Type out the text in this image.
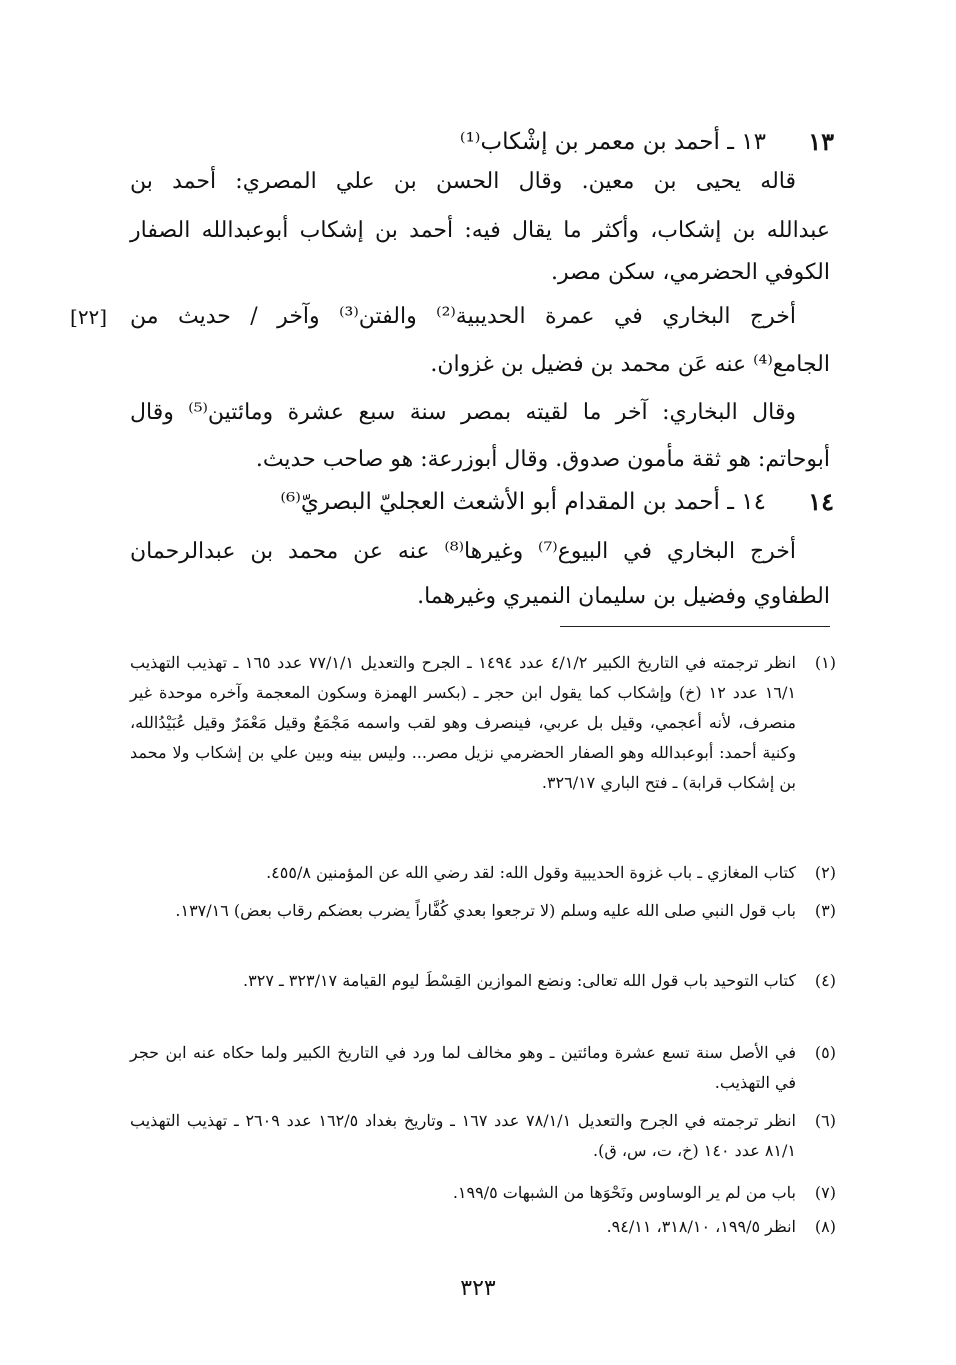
١٣
١٣ ـ أحمد بن معمر بن إشْكاب⁽¹⁾
قاله يحيى بن معين. وقال الحسن بن علي المصري: أحمد بن
عبدالله بن إشكاب، وأكثر ما يقال فيه: أحمد بن إشكاب أبوعبدالله الصفار
الكوفي الحضرمي، سكن مصر.
أخرج البخاري في عمرة الحديبية⁽²⁾ والفتن⁽³⁾ وآخر / حديث من
[٢٢]
الجامع⁽⁴⁾ عنه عَن محمد بن فضيل بن غزوان.
وقال البخاري: آخر ما لقيته بمصر سنة سبع عشرة ومائتين⁽⁵⁾ وقال
أبوحاتم: هو ثقة مأمون صدوق. وقال أبوزرعة: هو صاحب حديث.
١٤
١٤ ـ أحمد بن المقدام أبو الأشعث العجليّ البصريّ⁽⁶⁾
أخرج البخاري في البيوع⁽⁷⁾ وغيرها⁽⁸⁾ عنه عن محمد بن عبدالرحمان
الطفاوي وفضيل بن سليمان النميري وغيرهما.
(١)
انظر ترجمته في التاريخ الكبير ٤/١/٢ عدد ١٤٩٤ ـ الجرح والتعديل ٧٧/١/١ عدد ١٦٥ ـ تهذيب التهذيب ١٦/١ عدد ١٢ (خ) وإشكاب كما يقول ابن حجر ـ (بكسر الهمزة وسكون المعجمة وآخره موحدة غير منصرف، لأنه أعجمي، وقيل بل عربي، فينصرف وهو لقب واسمه مَجْمَعٌ وقيل مَعْمَرٌ وقيل عُبَيْدُالله، وكنية أحمد: أبوعبدالله وهو الصفار الحضرمي نزيل مصر... وليس بينه وبين علي بن إشكاب ولا محمد بن إشكاب قرابة) ـ فتح الباري ٣٢٦/١٧.
(٢)
كتاب المغازي ـ باب غزوة الحديبية وقول الله: لقد رضي الله عن المؤمنين ٤٥٥/٨.
(٣)
باب قول النبي صلى الله عليه وسلم (لا ترجعوا بعدي كُفَّاراً يضرب بعضكم رقاب بعض) ١٣٧/١٦.
(٤)
كتاب التوحيد باب قول الله تعالى: ونضع الموازين القِسْطَ ليوم القيامة ٣٢٣/١٧ ـ ٣٢٧.
(٥)
في الأصل سنة تسع عشرة ومائتين ـ وهو مخالف لما ورد في التاريخ الكبير ولما حكاه عنه ابن حجر في التهذيب.
(٦)
انظر ترجمته في الجرح والتعديل ٧٨/١/١ عدد ١٦٧ ـ وتاريخ بغداد ١٦٢/٥ عدد ٢٦٠٩ ـ تهذيب التهذيب ٨١/١ عدد ١٤٠ (خ، ت، س، ق).
(٧)
باب من لم ير الوساوس ونَحْوَها من الشبهات ١٩٩/٥.
(٨)
انظر ١٩٩/٥، ٣١٨/١٠، ٩٤/١١.
٣٢٣
